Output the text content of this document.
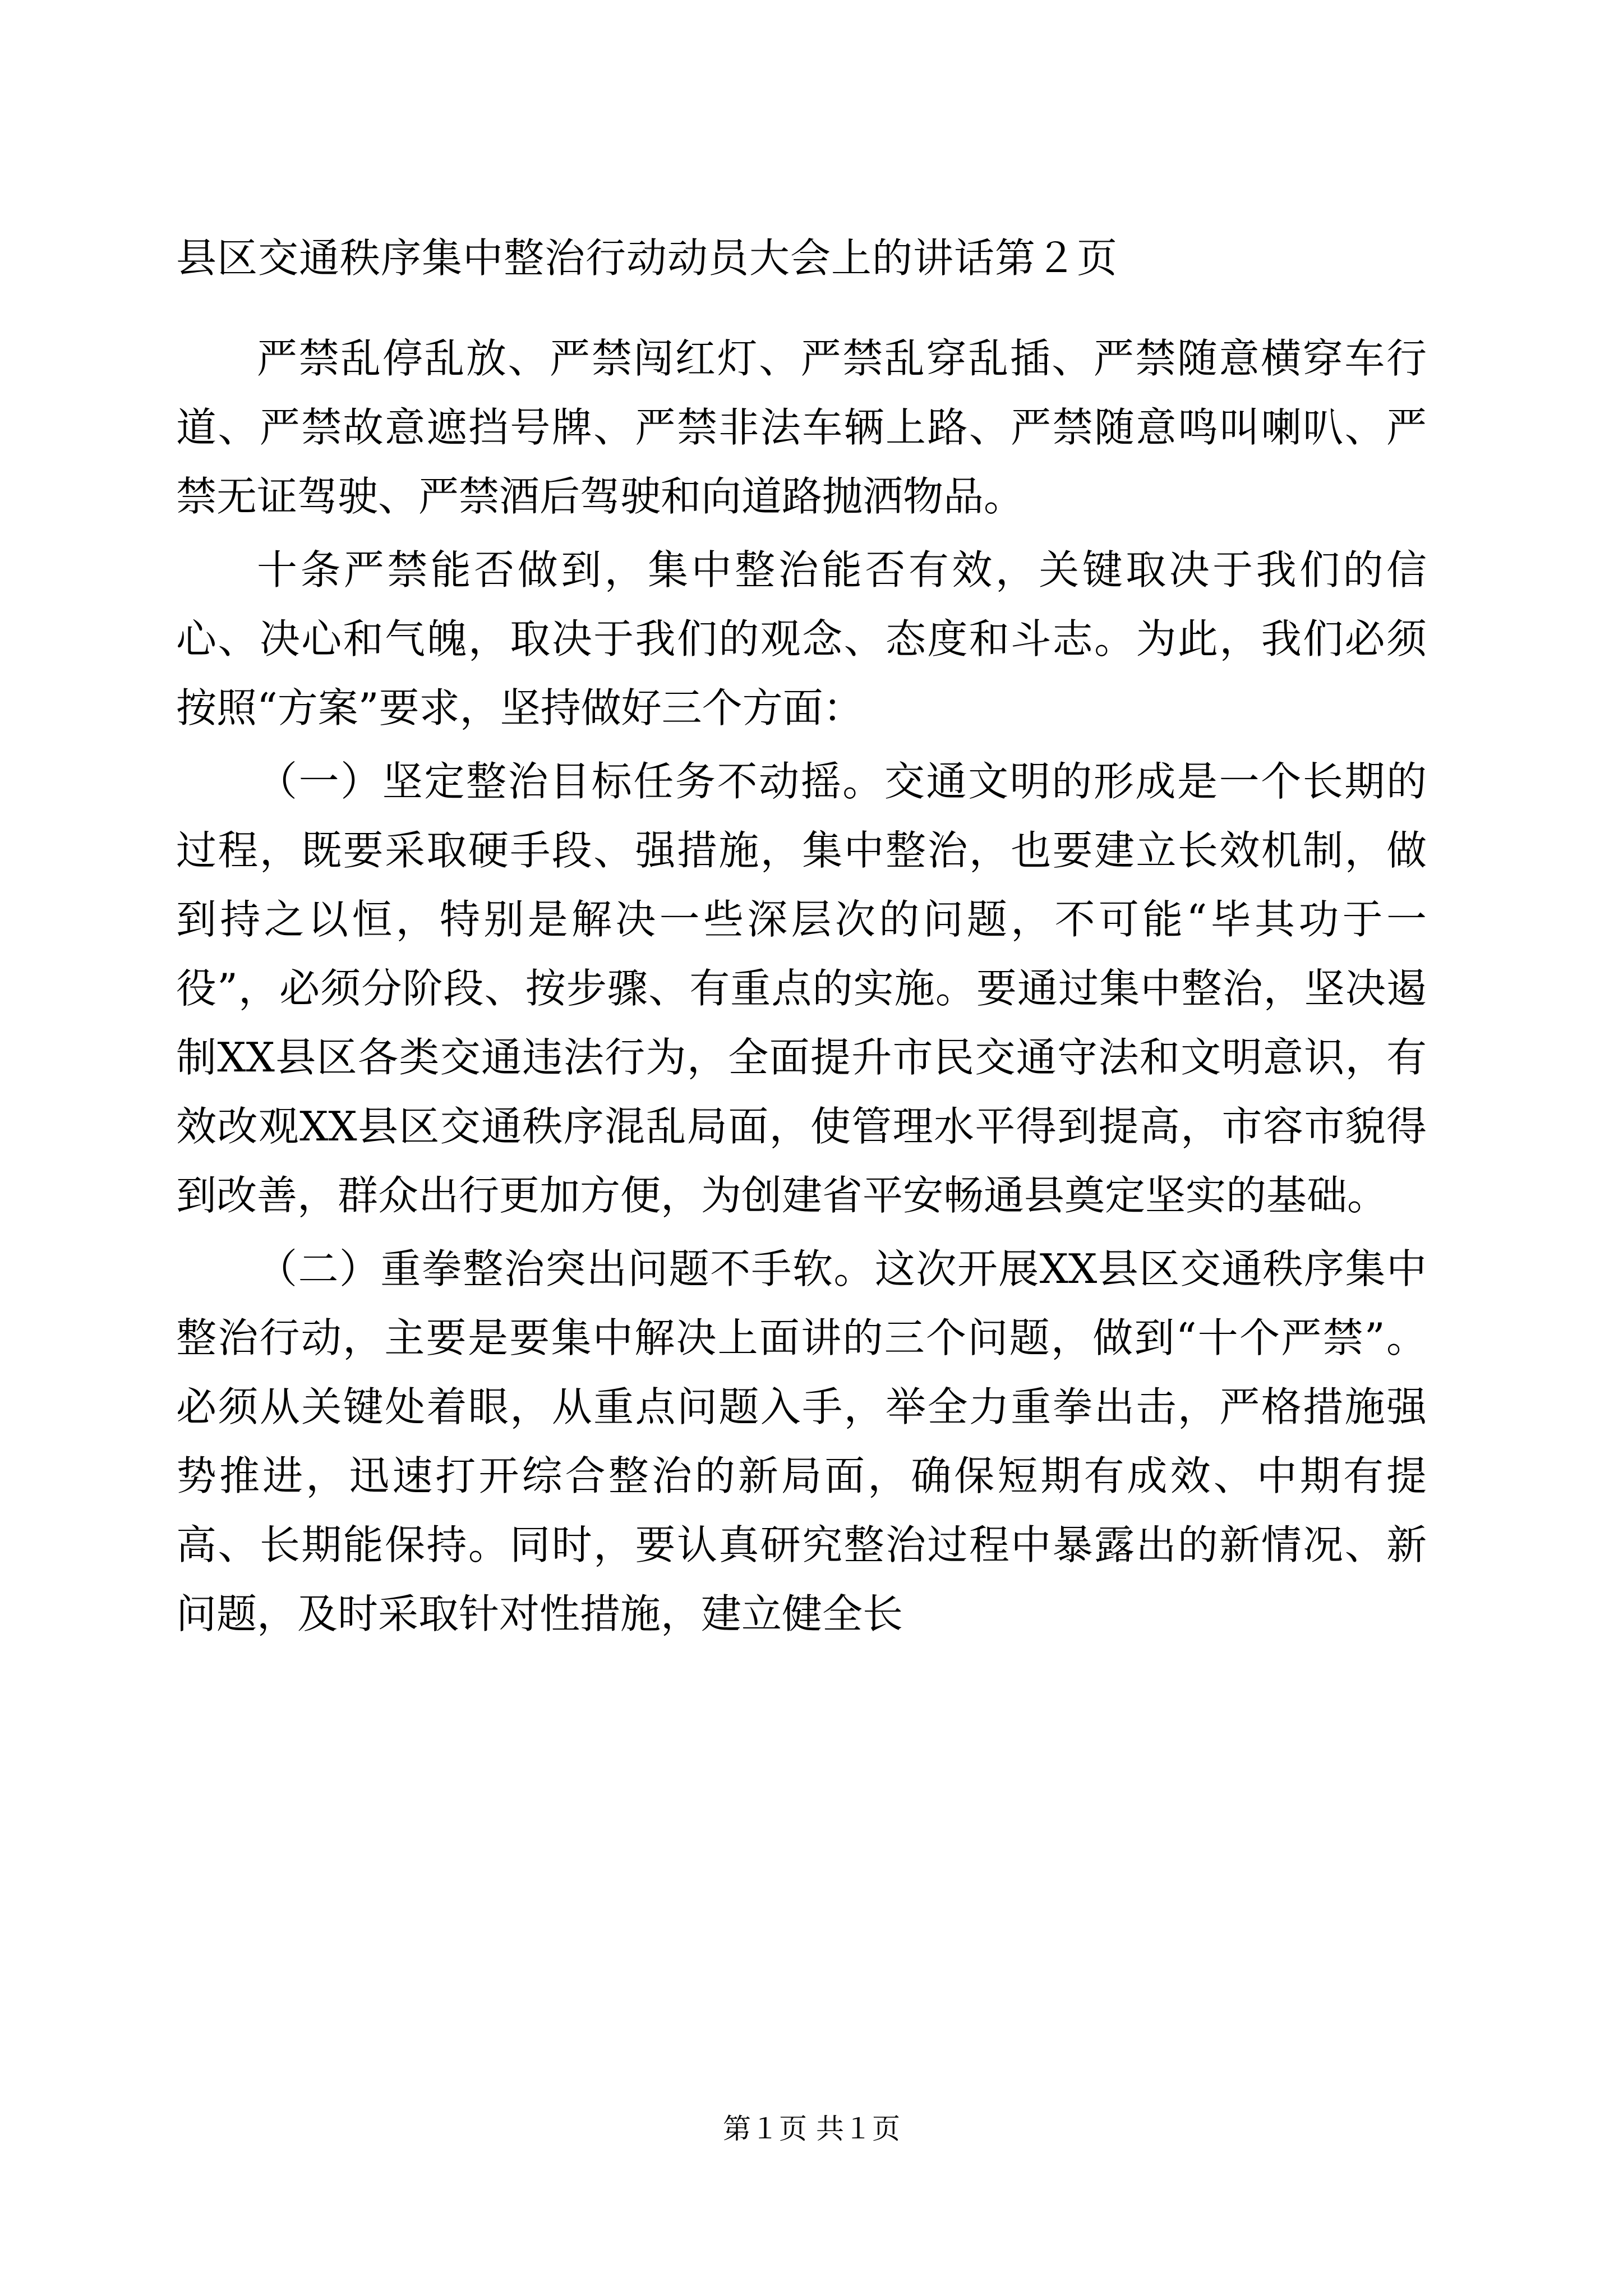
县区交通秩序集中整治行动动员大会上的讲话第２页

严禁乱停乱放、严禁闯红灯、严禁乱穿乱插、严禁随意横穿车行道、严禁故意遮挡号牌、严禁非法车辆上路、严禁随意鸣叫喇叭、严禁无证驾驶、严禁酒后驾驶和向道路抛洒物品。

十条严禁能否做到，集中整治能否有效，关键取决于我们的信心、决心和气魄，取决于我们的观念、态度和斗志。为此，我们必须按照“方案”要求，坚持做好三个方面：

（一）坚定整治目标任务不动摇。交通文明的形成是一个长期的过程，既要采取硬手段、强措施，集中整治，也要建立长效机制，做到持之以恒，特别是解决一些深层次的问题，不可能“毕其功于一役”，必须分阶段、按步骤、有重点的实施。要通过集中整治，坚决遏制XX县区各类交通违法行为，全面提升市民交通守法和文明意识，有效改观XX县区交通秩序混乱局面，使管理水平得到提高，市容市貌得到改善，群众出行更加方便，为创建省平安畅通县奠定坚实的基础。

（二）重拳整治突出问题不手软。这次开展XX县区交通秩序集中整治行动，主要是要集中解决上面讲的三个问题，做到“十个严禁”。必须从关键处着眼，从重点问题入手，举全力重拳出击，严格措施强势推进，迅速打开综合整治的新局面，确保短期有成效、中期有提高、长期能保持。同时，要认真研究整治过程中暴露出的新情况、新问题，及时采取针对性措施，建立健全长

第１页 共１页
